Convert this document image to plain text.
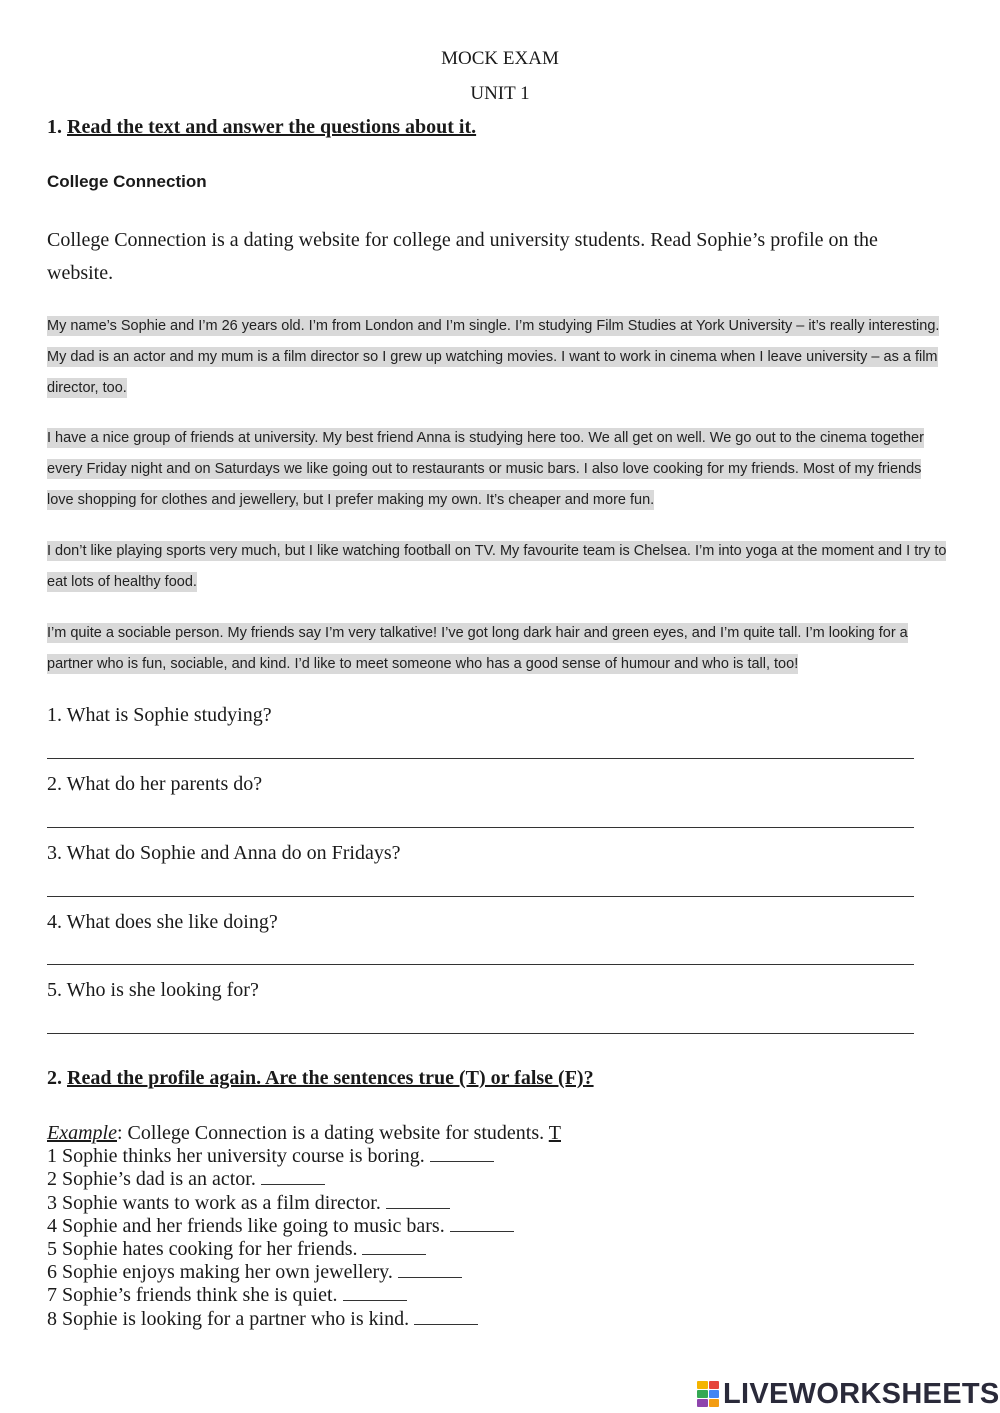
MOCK EXAM
UNIT 1
1. Read the text and answer the questions about it.
College Connection
College Connection is a dating website for college and university students. Read Sophie’s profile on the website.
My name’s Sophie and I’m 26 years old. I’m from London and I’m single. I’m studying Film Studies at York University – it’s really interesting. My dad is an actor and my mum is a film director so I grew up watching movies. I want to work in cinema when I leave university – as a film director, too.
I have a nice group of friends at university. My best friend Anna is studying here too. We all get on well. We go out to the cinema together every Friday night and on Saturdays we like going out to restaurants or music bars. I also love cooking for my friends. Most of my friends love shopping for clothes and jewellery, but I prefer making my own. It’s cheaper and more fun.
I don’t like playing sports very much, but I like watching football on TV. My favourite team is Chelsea. I’m into yoga at the moment and I try to eat lots of healthy food.
I’m quite a sociable person. My friends say I’m very talkative! I’ve got long dark hair and green eyes, and I’m quite tall. I’m looking for a partner who is fun, sociable, and kind. I’d like to meet someone who has a good sense of humour and who is tall, too!
1. What is Sophie studying?
2. What do her parents do?
3. What do Sophie and Anna do on Fridays?
4. What does she like doing?
5. Who is she looking for?
2. Read the profile again. Are the sentences true (T) or false (F)?
Example: College Connection is a dating website for students. T
1 Sophie thinks her university course is boring.
2 Sophie’s dad is an actor.
3 Sophie wants to work as a film director.
4 Sophie and her friends like going to music bars.
5 Sophie hates cooking for her friends.
6 Sophie enjoys making her own jewellery.
7 Sophie’s friends think she is quiet.
8 Sophie is looking for a partner who is kind.
LIVEWORKSHEETS
